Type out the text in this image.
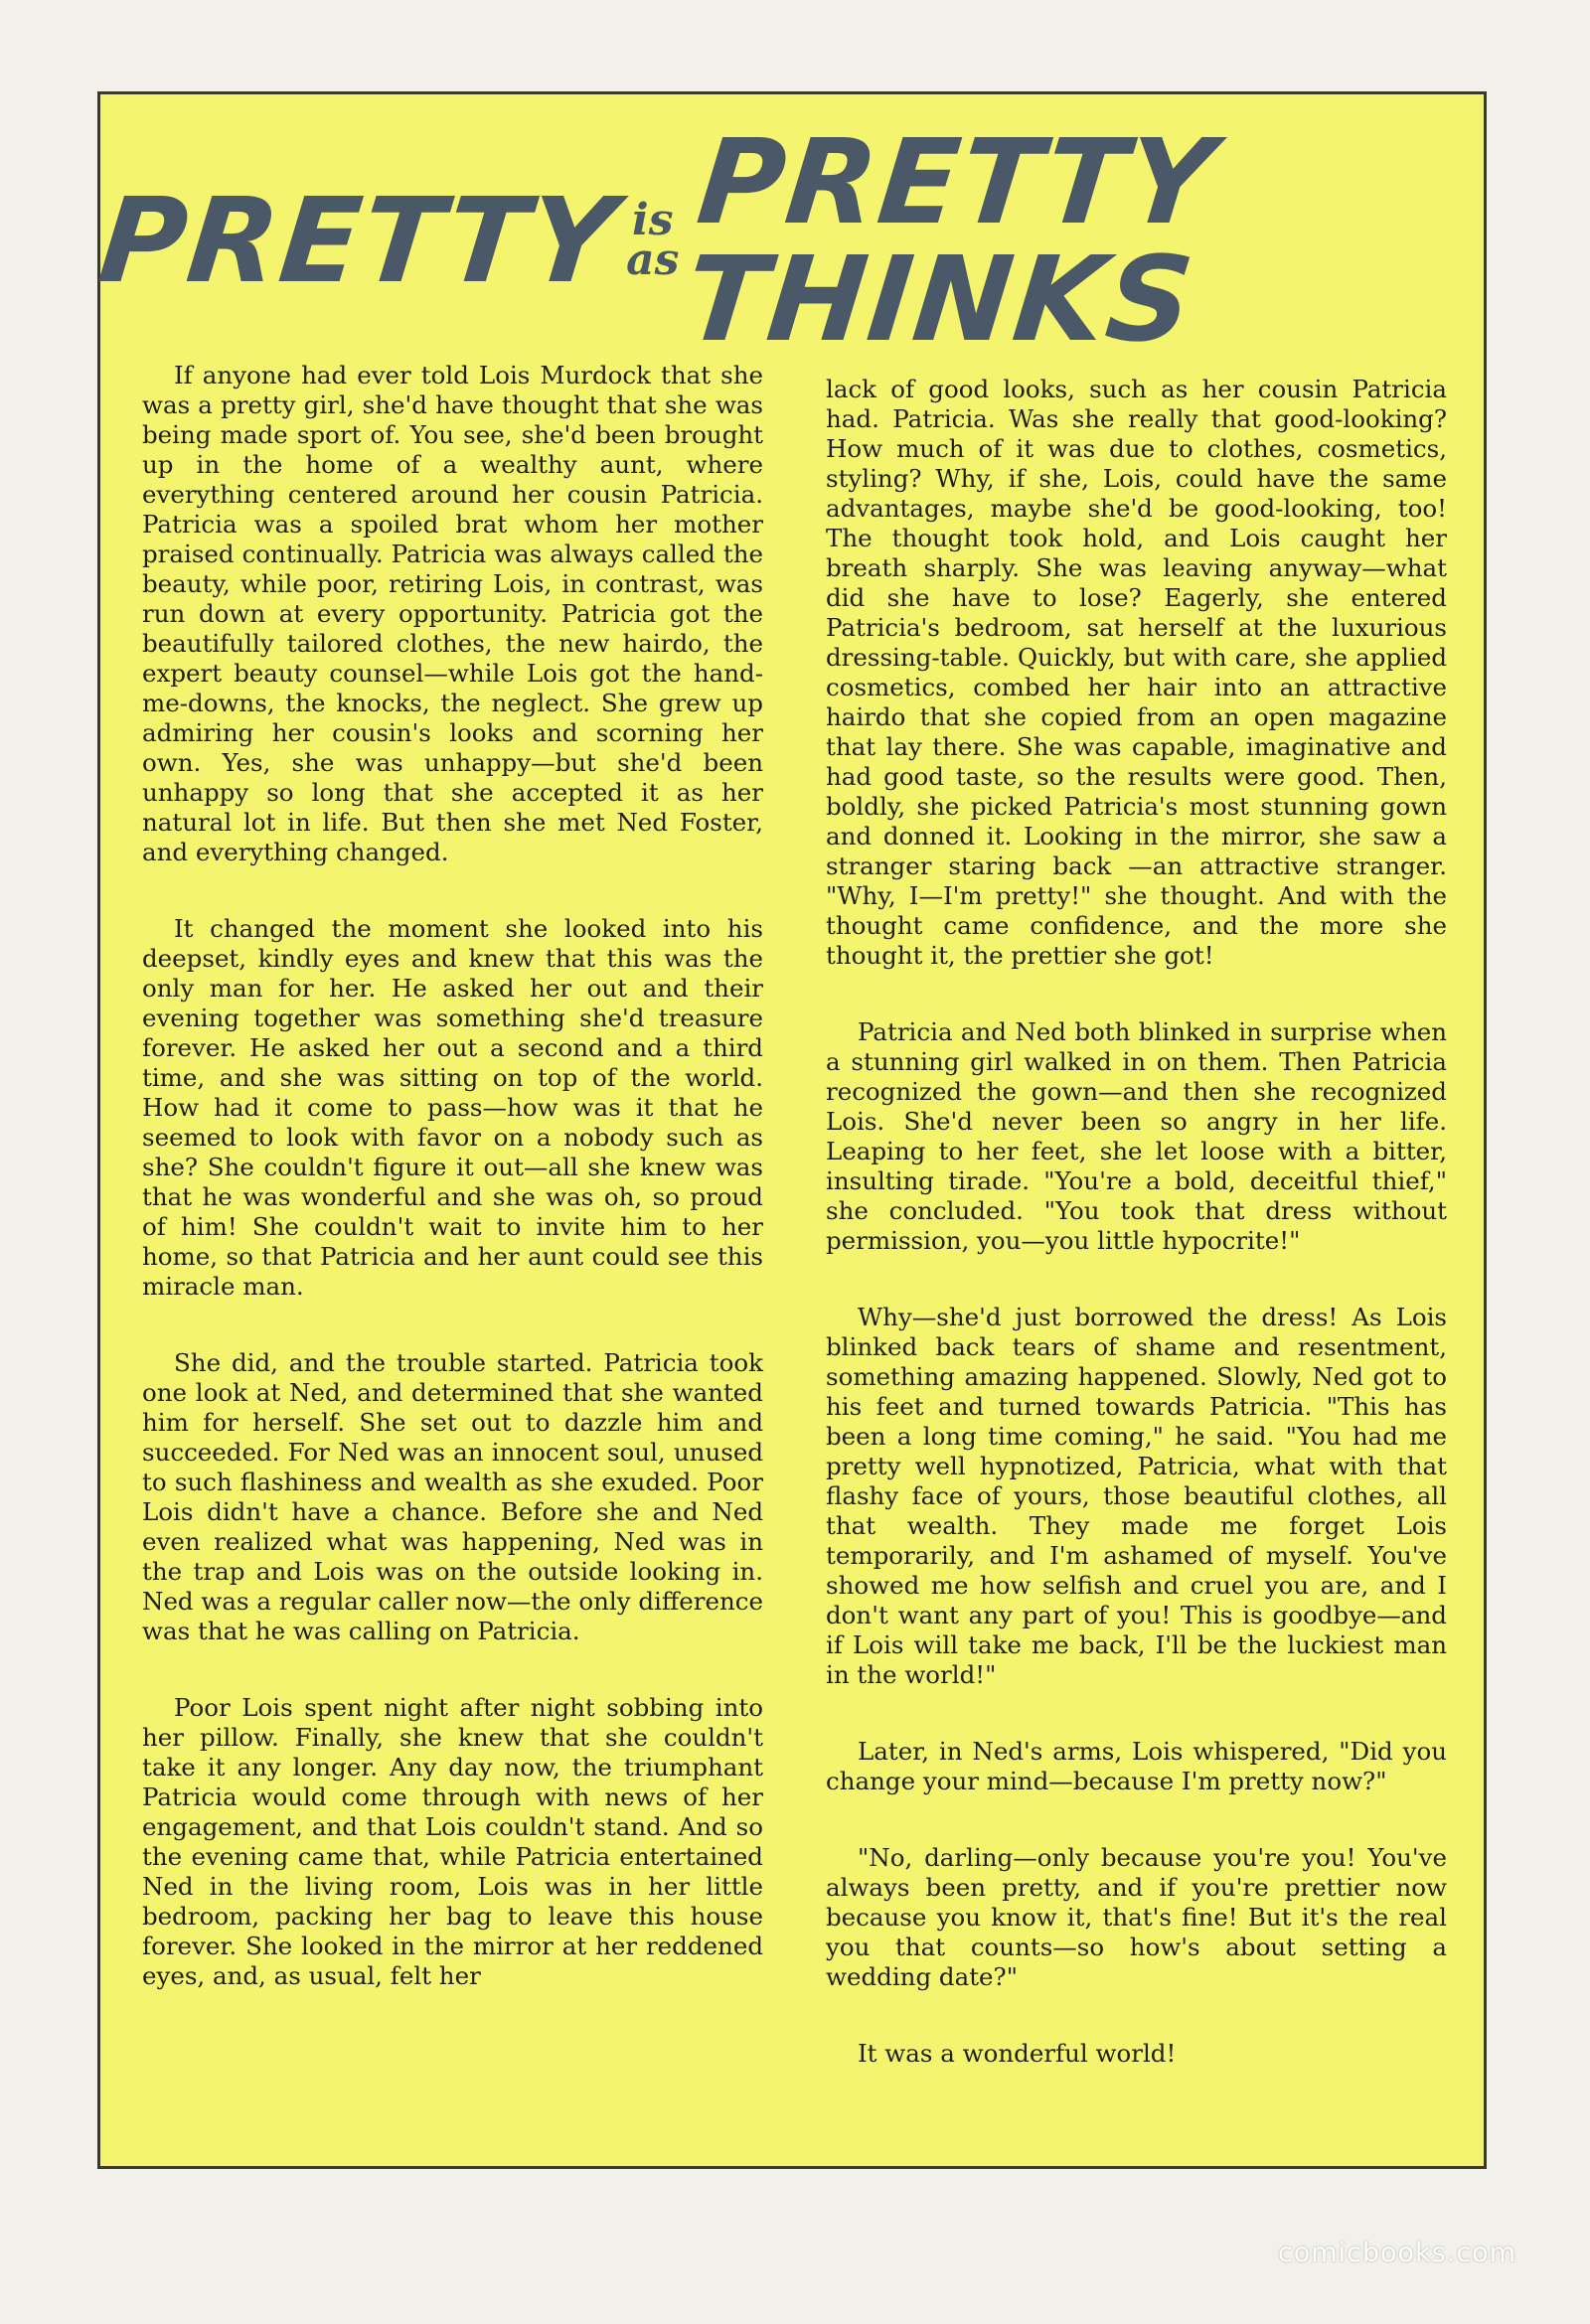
PRETTY is
as
PRETTY THINKS

If anyone had ever told Lois Murdock that she was a pretty girl, she'd have thought that she was being made sport of. You see, she'd been brought up in the home of a wealthy aunt, where everything centered around her cousin Patricia. Patricia was a spoiled brat whom her mother praised continually. Patricia was always called the beauty, while poor, retiring Lois, in contrast, was run down at every opportunity. Patricia got the beautifully tailored clothes, the new hairdo, the expert beauty counsel—while Lois got the hand-me-downs, the knocks, the neglect. She grew up admiring her cousin's looks and scorning her own. Yes, she was unhappy—but she'd been unhappy so long that she accepted it as her natural lot in life. But then she met Ned Foster, and everything changed.

It changed the moment she looked into his deepset, kindly eyes and knew that this was the only man for her. He asked her out and their evening together was something she'd treasure forever. He asked her out a second and a third time, and she was sitting on top of the world. How had it come to pass—how was it that he seemed to look with favor on a nobody such as she? She couldn't figure it out—all she knew was that he was wonderful and she was oh, so proud of him! She couldn't wait to invite him to her home, so that Patricia and her aunt could see this miracle man.

She did, and the trouble started. Patricia took one look at Ned, and determined that she wanted him for herself. She set out to dazzle him and succeeded. For Ned was an innocent soul, unused to such flashiness and wealth as she exuded. Poor Lois didn't have a chance. Before she and Ned even realized what was happening, Ned was in the trap and Lois was on the outside looking in. Ned was a regular caller now—the only difference was that he was calling on Patricia.

Poor Lois spent night after night sobbing into her pillow. Finally, she knew that she couldn't take it any longer. Any day now, the triumphant Patricia would come through with news of her engagement, and that Lois couldn't stand. And so the evening came that, while Patricia entertained Ned in the living room, Lois was in her little bedroom, packing her bag to leave this house forever. She looked in the mirror at her reddened eyes, and, as usual, felt her

lack of good looks, such as her cousin Patricia had. Patricia. Was she really that good-looking? How much of it was due to clothes, cosmetics, styling? Why, if she, Lois, could have the same advantages, maybe she'd be good-looking, too! The thought took hold, and Lois caught her breath sharply. She was leaving anyway—what did she have to lose? Eagerly, she entered Patricia's bedroom, sat herself at the luxurious dressing-table. Quickly, but with care, she applied cosmetics, combed her hair into an attractive hairdo that she copied from an open magazine that lay there. She was capable, imaginative and had good taste, so the results were good. Then, boldly, she picked Patricia's most stunning gown and donned it. Looking in the mirror, she saw a stranger staring back —an attractive stranger. "Why, I—I'm pretty!" she thought. And with the thought came confidence, and the more she thought it, the prettier she got!

Patricia and Ned both blinked in surprise when a stunning girl walked in on them. Then Patricia recognized the gown—and then she recognized Lois. She'd never been so angry in her life. Leaping to her feet, she let loose with a bitter, insulting tirade. "You're a bold, deceitful thief," she concluded. "You took that dress without permission, you—you little hypocrite!"

Why—she'd just borrowed the dress! As Lois blinked back tears of shame and resentment, something amazing happened. Slowly, Ned got to his feet and turned towards Patricia. "This has been a long time coming," he said. "You had me pretty well hypnotized, Patricia, what with that flashy face of yours, those beautiful clothes, all that wealth. They made me forget Lois temporarily, and I'm ashamed of myself. You've showed me how selfish and cruel you are, and I don't want any part of you! This is goodbye—and if Lois will take me back, I'll be the luckiest man in the world!"

Later, in Ned's arms, Lois whispered, "Did you change your mind—because I'm pretty now?"

"No, darling—only because you're you! You've always been pretty, and if you're prettier now because you know it, that's fine! But it's the real you that counts—so how's about setting a wedding date?"

It was a wonderful world!

comicbooks.com
